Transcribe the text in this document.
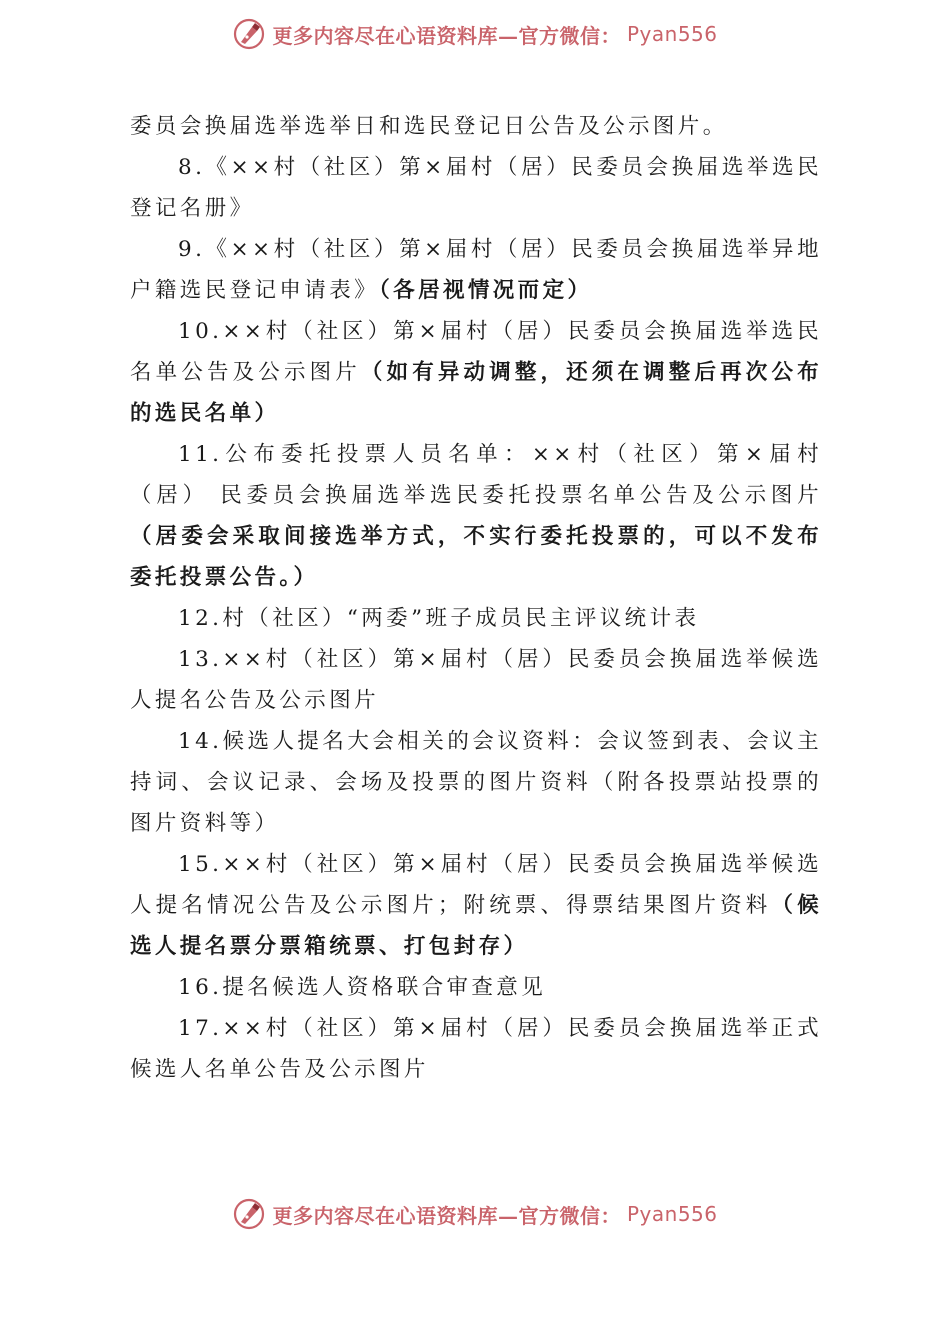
更多内容尽在心语资料库—官方微信： Pyan556

委员会换届选举选举日和选民登记日公告及公示图片。

8.《××村（社区）第×届村（居）民委员会换届选举选民登记名册》

9.《××村（社区）第×届村（居）民委员会换届选举异地户籍选民登记申请表》（各居视情况而定）

10.××村（社区）第×届村（居）民委员会换届选举选民名单公告及公示图片（如有异动调整，还须在调整后再次公布的选民名单）

11.公布委托投票人员名单：××村（社区）第×届村（居） 民委员会换届选举选民委托投票名单公告及公示图片（居委会采取间接选举方式，不实行委托投票的，可以不发布委托投票公告。）

12.村（社区）“两委”班子成员民主评议统计表

13.××村（社区）第×届村（居）民委员会换届选举候选人提名公告及公示图片

14.候选人提名大会相关的会议资料：会议签到表、会议主持词、会议记录、会场及投票的图片资料（附各投票站投票的图片资料等）

15.××村（社区）第×届村（居）民委员会换届选举候选人提名情况公告及公示图片；附统票、得票结果图片资料（候选人提名票分票箱统票、打包封存）

16.提名候选人资格联合审查意见

17.××村（社区）第×届村（居）民委员会换届选举正式候选人名单公告及公示图片

更多内容尽在心语资料库—官方微信： Pyan556
